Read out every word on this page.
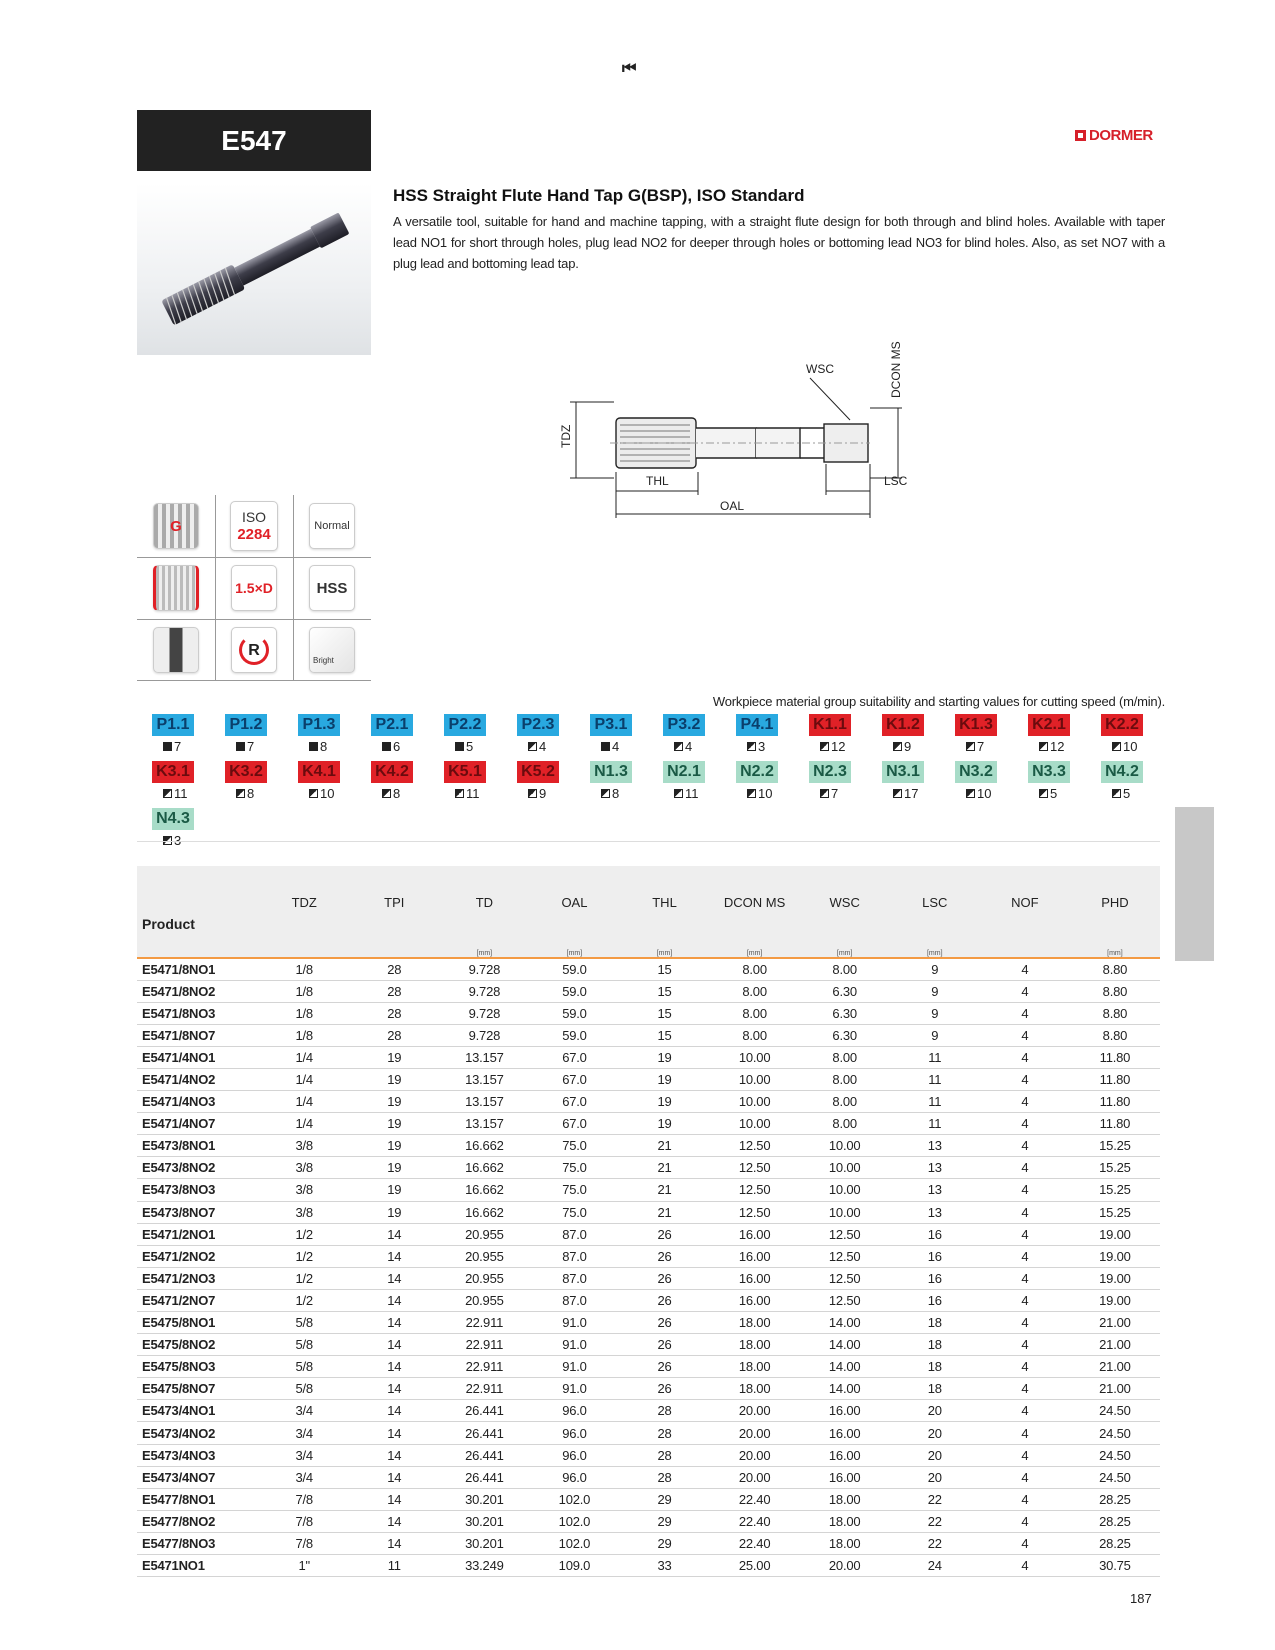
⏮
E547	DORMER
HSS Straight Flute Hand Tap G(BSP), ISO Standard
A versatile tool, suitable for hand and machine tapping, with a straight flute design for both through and blind holes. Available with taper lead NO1 for short through holes, plug lead NO2 for deeper through holes or bottoming lead NO3 for blind holes. Also, as set NO7 with a plug lead and bottoming lead tap.
WSC	DCON MS
TDZ
THL
OAL
LSC
G
ISO
2284
Normal
1.5×D	HSS
R
Bright
Workpiece material group suitability and starting values for cutting speed (m/min).
P1.1
7
P1.2
7
P1.3
8
P2.1
6
P2.2
5
P2.3
4
P3.1
4
P3.2
4
P4.1
3
K1.1
12
K1.2
9
K1.3
7
K2.1
12
K2.2
10
K3.1
11
K3.2
8
K4.1
10
K4.2
8
K5.1
11
K5.2
9
N1.3
8
N2.1
11
N2.2
10
N2.3
7
N3.1
17
N3.2
10
N3.3
5
N4.2
5
N4.3
Product	TDZ	TPI	TD	OAL	THL	DCON MS	WSC	LSC	NOF	PHD
			[mm]	[mm]	[mm]	[mm]	[mm]	[mm]		[mm]
E5471/8NO1	1/8	28	9.728	59.0	15	8.00	8.00	9	4	8.80
E5471/8NO2	1/8	28	9.728	59.0	15	8.00	6.30	9	4	8.80
E5471/8NO3	1/8	28	9.728	59.0	15	8.00	6.30	9	4	8.80
E5471/8NO7	1/8	28	9.728	59.0	15	8.00	6.30	9	4	8.80
E5471/4NO1	1/4	19	13.157	67.0	19	10.00	8.00	11	4	11.80
E5471/4NO2	1/4	19	13.157	67.0	19	10.00	8.00	11	4	11.80
E5471/4NO3	1/4	19	13.157	67.0	19	10.00	8.00	11	4	11.80
E5471/4NO7	1/4	19	13.157	67.0	19	10.00	8.00	11	4	11.80
E5473/8NO1	3/8	19	16.662	75.0	21	12.50	10.00	13	4	15.25
E5473/8NO2	3/8	19	16.662	75.0	21	12.50	10.00	13	4	15.25
E5473/8NO3	3/8	19	16.662	75.0	21	12.50	10.00	13	4	15.25
E5473/8NO7	3/8	19	16.662	75.0	21	12.50	10.00	13	4	15.25
E5471/2NO1	1/2	14	20.955	87.0	26	16.00	12.50	16	4	19.00
E5471/2NO2	1/2	14	20.955	87.0	26	16.00	12.50	16	4	19.00
E5471/2NO3	1/2	14	20.955	87.0	26	16.00	12.50	16	4	19.00
E5471/2NO7	1/2	14	20.955	87.0	26	16.00	12.50	16	4	19.00
E5475/8NO1	5/8	14	22.911	91.0	26	18.00	14.00	18	4	21.00
E5475/8NO2	5/8	14	22.911	91.0	26	18.00	14.00	18	4	21.00
E5475/8NO3	5/8	14	22.911	91.0	26	18.00	14.00	18	4	21.00
E5475/8NO7	5/8	14	22.911	91.0	26	18.00	14.00	18	4	21.00
E5473/4NO1	3/4	14	26.441	96.0	28	20.00	16.00	20	4	24.50
E5473/4NO2	3/4	14	26.441	96.0	28	20.00	16.00	20	4	24.50
E5473/4NO3	3/4	14	26.441	96.0	28	20.00	16.00	20	4	24.50
E5473/4NO7	3/4	14	26.441	96.0	28	20.00	16.00	20	4	24.50
E5477/8NO1	7/8	14	30.201	102.0	29	22.40	18.00	22	4	28.25
E5477/8NO2	7/8	14	30.201	102.0	29	22.40	18.00	22	4	28.25
E5477/8NO3	7/8	14	30.201	102.0	29	22.40	18.00	22	4	28.25
E5471NO1	1"	11	33.249	109.0	33	25.00	20.00	24	4	30.75
187
